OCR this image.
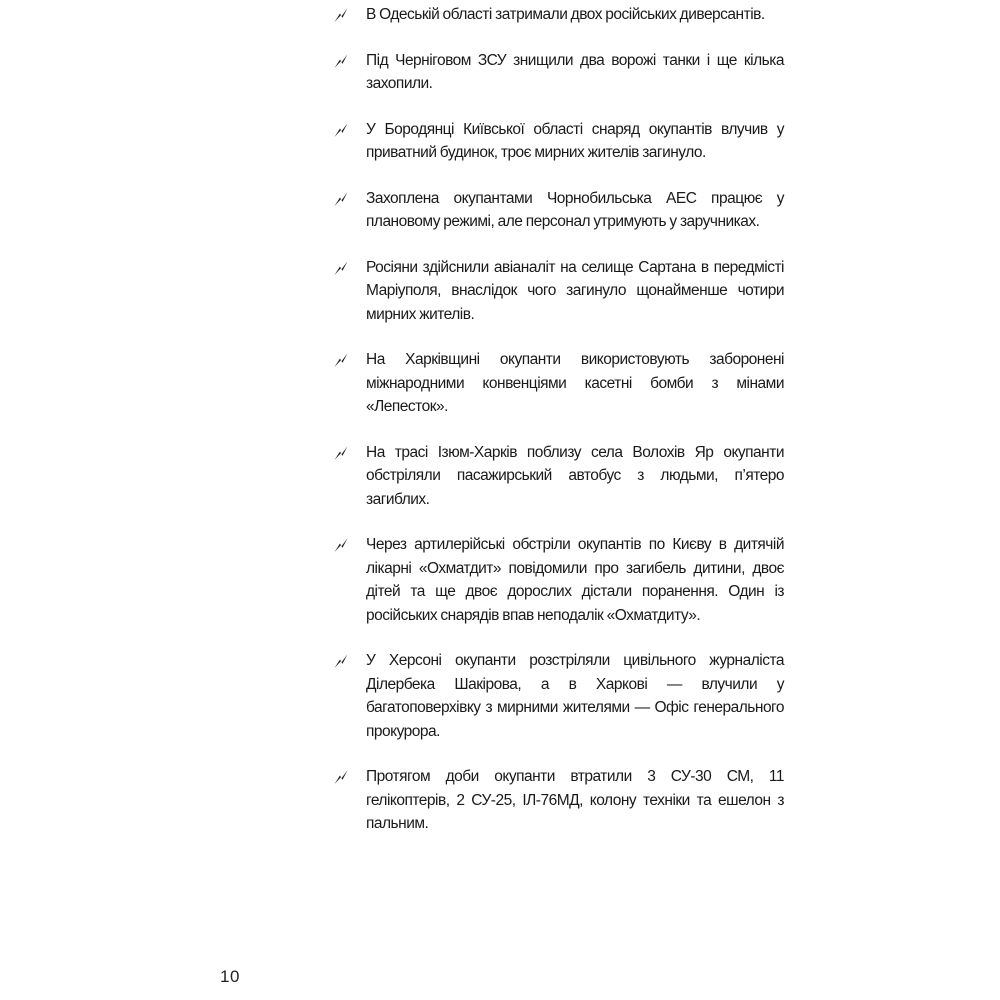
В Одеській області затримали двох російських диверсантів.
Під Черніговом ЗСУ знищили два ворожі танки і ще кілька захопили.
У Бородянці Київської області снаряд окупантів влучив у приватний будинок, троє мирних жителів загинуло.
Захоплена окупантами Чорнобильська АЕС працює у плановому режимі, але персонал утримують у заручниках.
Росіяни здійснили авіаналіт на селище Сартана в передмісті Маріуполя, внаслідок чого загинуло щонайменше чотири мирних жителів.
На Харківщині окупанти використовують заборонені міжнародними конвенціями касетні бомби з мінами «Лепесток».
На трасі Ізюм-Харків поблизу села Волохів Яр окупанти обстріляли пасажирський автобус з людьми, п’ятеро загиблих.
Через артилерійські обстріли окупантів по Києву в дитячій лікарні «Охматдит» повідомили про загибель дитини, двоє дітей та ще двоє дорослих дістали поранення. Один із російських снарядів впав неподалік «Охматдиту».
У Херсоні окупанти розстріляли цивільного журналіста Ділербека Шакірова, а в Харкові — влучили у багатоповерхівку з мирними жителями — Офіс генерального прокурора.
Протягом доби окупанти втратили 3 СУ-30 СМ, 11 гелікоптерів, 2 СУ-25, ІЛ-76МД, колону техніки та ешелон з пальним.
10
